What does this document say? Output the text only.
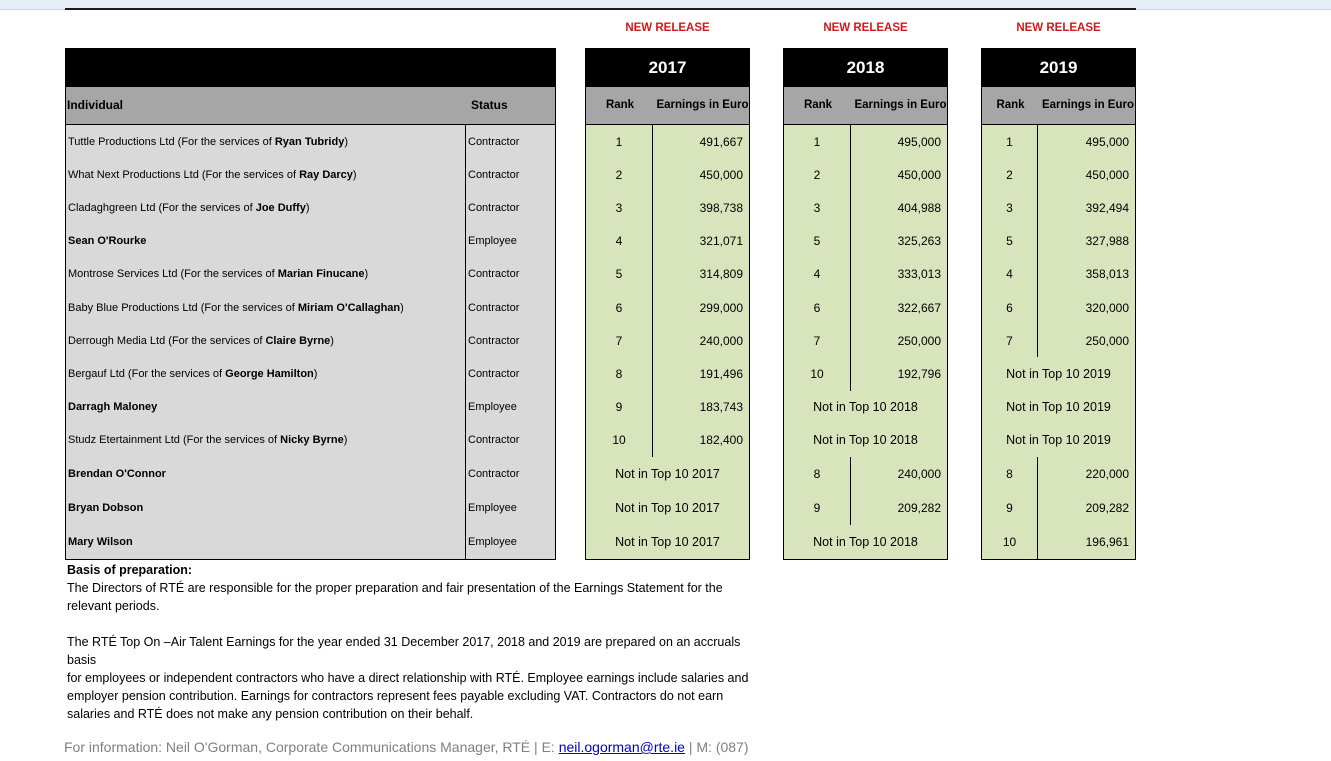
Individual	Status
NEW RELEASE
2017
Rank	Earnings in Euro
NEW RELEASE
2018
Rank	Earnings in Euro
NEW RELEASE
2019
Rank	Earnings in Euro
Tuttle Productions Ltd (For the services of Ryan Tubridy )	Contractor	1	491,667	1	495,000	1	495,000
What Next Productions Ltd (For the services of Ray Darcy )	Contractor	2	450,000	2	450,000	2	450,000
Cladaghgreen Ltd (For the services of Joe Duffy )	Contractor	3	398,738	3	404,988	3	392,494
Sean O'Rourke	Employee	4	321,071	5	325,263	5	327,988
Montrose Services Ltd (For the services of Marian Finucane )	Contractor	5	314,809	4	333,013	4	358,013
Baby Blue Productions Ltd (For the services of Miriam O'Callaghan )	Contractor	6	299,000	6	322,667	6	320,000
Derrough Media Ltd (For the services of Claire Byrne )	Contractor	7	240,000	7	250,000	7	250,000
Bergauf Ltd (For the services of George Hamilton )	Contractor	8	191,496	10	192,796	Not in Top 10 2019
Darragh Maloney	Employee	9	183,743	Not in Top 10 2018	Not in Top 10 2019
Studz Etertainment Ltd (For the services of Nicky Byrne )	Contractor	10	182,400	Not in Top 10 2018	Not in Top 10 2019
Brendan O'Connor	Contractor	Not in Top 10 2017	8	240,000	8	220,000
Bryan Dobson	Employee	Not in Top 10 2017	9	209,282	9	209,282
Mary Wilson	Employee	Not in Top 10 2017	Not in Top 10 2018	10	196,961

Basis of preparation:

The Directors of RTÉ are responsible for the proper preparation and fair presentation of the Earnings Statement for the

relevant periods.

The RTÉ Top On –Air Talent Earnings for the year ended 31 December 2017, 2018 and 2019 are prepared on an accruals basis

for employees or independent contractors who have a direct relationship with RTÉ. Employee earnings include salaries and

employer pension contribution. Earnings for contractors represent fees payable excluding VAT. Contractors do not earn

salaries and RTÉ does not make any pension contribution on their behalf.

For information: Neil O'Gorman, Corporate Communications Manager, RTÉ | E: neil.ogorman@rte.ie | M: (087)
